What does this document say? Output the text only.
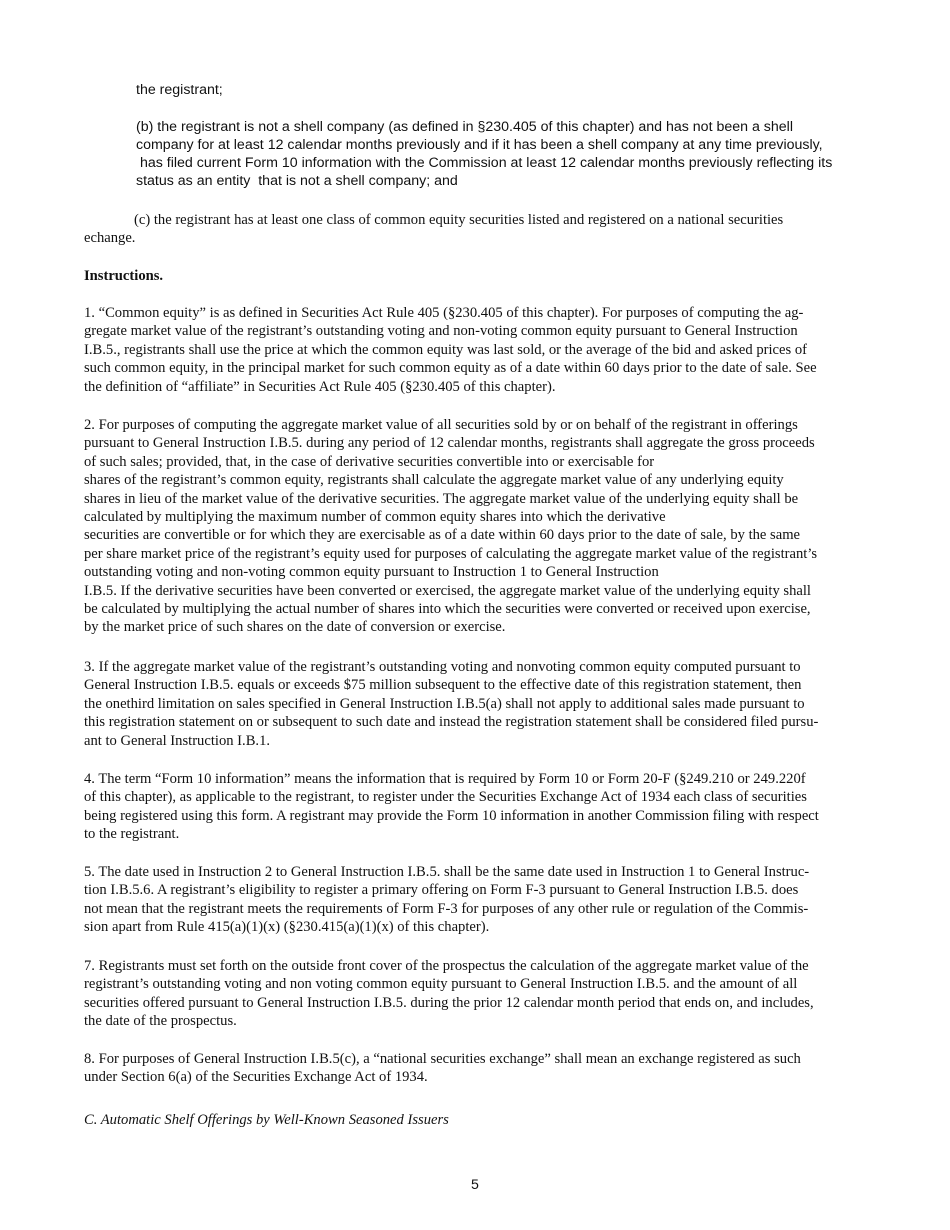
the registrant;

(b) the registrant is not a shell company (as defined in §230.405 of this chapter) and has not been a shell
company for at least 12 calendar months previously and if it has been a shell company at any time previously,
has filed current Form 10 information with the Commission at least 12 calendar months previously reflecting its
status as an entity  that is not a shell company; and

(c) the registrant has at least one class of common equity securities listed and registered on a national securities
echange.

Instructions.

1. “Common equity” is as defined in Securities Act Rule 405 (§230.405 of this chapter). For purposes of computing the ag-
gregate market value of the registrant’s outstanding voting and non-voting common equity pursuant to General Instruction
I.B.5., registrants shall use the price at which the common equity was last sold, or the average of the bid and asked prices of
such common equity, in the principal market for such common equity as of a date within 60 days prior to the date of sale. See
the definition of “affiliate” in Securities Act Rule 405 (§230.405 of this chapter).

2. For purposes of computing the aggregate market value of all securities sold by or on behalf of the registrant in offerings
pursuant to General Instruction I.B.5. during any period of 12 calendar months, registrants shall aggregate the gross proceeds
of such sales; provided, that, in the case of derivative securities convertible into or exercisable for
shares of the registrant’s common equity, registrants shall calculate the aggregate market value of any underlying equity
shares in lieu of the market value of the derivative securities. The aggregate market value of the underlying equity shall be
calculated by multiplying the maximum number of common equity shares into which the derivative
securities are convertible or for which they are exercisable as of a date within 60 days prior to the date of sale, by the same
per share market price of the registrant’s equity used for purposes of calculating the aggregate market value of the registrant’s
outstanding voting and non-voting common equity pursuant to Instruction 1 to General Instruction
I.B.5. If the derivative securities have been converted or exercised, the aggregate market value of the underlying equity shall
be calculated by multiplying the actual number of shares into which the securities were converted or received upon exercise,
by the market price of such shares on the date of conversion or exercise.

3. If the aggregate market value of the registrant’s outstanding voting and nonvoting common equity computed pursuant to
General Instruction I.B.5. equals or exceeds $75 million subsequent to the effective date of this registration statement, then
the onethird limitation on sales specified in General Instruction I.B.5(a) shall not apply to additional sales made pursuant to
this registration statement on or subsequent to such date and instead the registration statement shall be considered filed pursu-
ant to General Instruction I.B.1.

4. The term “Form 10 information” means the information that is required by Form 10 or Form 20-F (§249.210 or 249.220f
of this chapter), as applicable to the registrant, to register under the Securities Exchange Act of 1934 each class of securities
being registered using this form. A registrant may provide the Form 10 information in another Commission filing with respect
to the registrant.

5. The date used in Instruction 2 to General Instruction I.B.5. shall be the same date used in Instruction 1 to General Instruc-
tion I.B.5.6. A registrant’s eligibility to register a primary offering on Form F-3 pursuant to General Instruction I.B.5. does
not mean that the registrant meets the requirements of Form F-3 for purposes of any other rule or regulation of the Commis-
sion apart from Rule 415(a)(1)(x) (§230.415(a)(1)(x) of this chapter).

7. Registrants must set forth on the outside front cover of the prospectus the calculation of the aggregate market value of the
registrant’s outstanding voting and non voting common equity pursuant to General Instruction I.B.5. and the amount of all
securities offered pursuant to General Instruction I.B.5. during the prior 12 calendar month period that ends on, and includes,
the date of the prospectus.

8. For purposes of General Instruction I.B.5(c), a “national securities exchange” shall mean an exchange registered as such
under Section 6(a) of the Securities Exchange Act of 1934.

C. Automatic Shelf Offerings by Well-Known Seasoned Issuers

5
